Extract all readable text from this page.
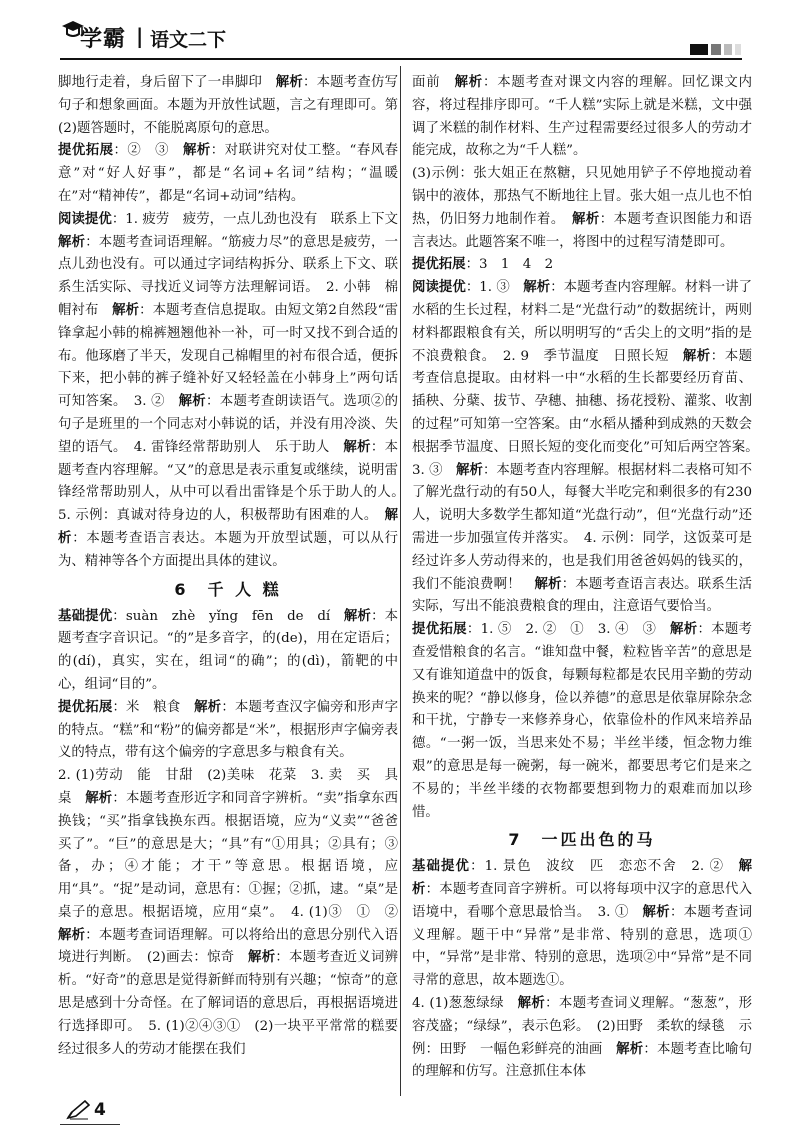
学霸 | 语文二下

脚地行走着，身后留下了一串脚印　解析：本题考查仿写句子和想象画面。本题为开放性试题，言之有理即可。第(2)题答题时，不能脱离原句的意思。

提优拓展：②　③　解析：对联讲究对仗工整。“春风春意”对“好人好事”，都是“名词+名词”结构；“温暖在”对“精神传”，都是“名词+动词”结构。

阅读提优：1. 疲劳　疲劳，一点儿劲也没有　联系上下文　解析：本题考查词语理解。“筋疲力尽”的意思是疲劳，一点儿劲也没有。可以通过字词结构拆分、联系上下文、联系生活实际、寻找近义词等方法理解词语。　2. 小韩　棉帽衬布　解析：本题考查信息提取。由短文第2自然段“雷锋拿起小韩的棉裤翘翘他补一补，可一时又找不到合适的布。他琢磨了半天，发现自己棉帽里的衬布很合适，便拆下来，把小韩的裤子缝补好又轻轻盖在小韩身上”两句话可知答案。　3. ②　解析：本题考查朗读语气。选项②的句子是班里的一个同志对小韩说的话，并没有用冷淡、失望的语气。　4. 雷锋经常帮助别人　乐于助人　解析：本题考查内容理解。“又”的意思是表示重复或继续，说明雷锋经常帮助别人，从中可以看出雷锋是个乐于助人的人。　5. 示例：真诚对待身边的人，积极帮助有困难的人。　解析：本题考查语言表达。本题为开放型试题，可以从行为、精神等各个方面提出具体的建议。

6　千 人 糕

基础提优：suàn　zhè　yǐng　fēn　de　dí　解析：本题考查字音识记。“的”是多音字，的(de)，用在定语后；的(dí)，真实，实在，组词“的确”；的(dì)，箭靶的中心，组词“目的”。

提优拓展：米　粮食　解析：本题考查汉字偏旁和形声字的特点。“糕”和“粉”的偏旁都是“米”，根据形声字偏旁表义的特点，带有这个偏旁的字意思多与粮食有关。

2. (1)劳动　能　甘甜　(2)美味　花菜　3. 卖　买　具　桌　解析：本题考查形近字和同音字辨析。“卖”指拿东西换钱；“买”指拿钱换东西。根据语境，应为“义卖”“爸爸买了”。“巨”的意思是大；“具”有“①用具；②具有；③备，办；④才能；才干”等意思。根据语境，应用“具”。“捉”是动词，意思有：①握；②抓，逮。“桌”是桌子的意思。根据语境，应用“桌”。　4. (1)③　①　②　解析：本题考查词语理解。可以将给出的意思分别代入语境进行判断。　(2)画去：惊奇　解析：本题考查近义词辨析。“好奇”的意思是觉得新鲜而特别有兴趣；“惊奇”的意思是感到十分奇怪。在了解词语的意思后，再根据语境进行选择即可。　5. (1)②④③①　(2)一块平平常常的糕要经过很多人的劳动才能摆在我们

面前　解析：本题考查对课文内容的理解。回忆课文内容，将过程排序即可。“千人糕”实际上就是米糕，文中强调了米糕的制作材料、生产过程需要经过很多人的劳动才能完成，故称之为“千人糕”。

(3)示例：张大姐正在熬糖，只见她用铲子不停地搅动着锅中的液体，那热气不断地往上冒。张大姐一点儿也不怕热，仍旧努力地制作着。　解析：本题考查识图能力和语言表达。此题答案不唯一，将图中的过程写清楚即可。

提优拓展：3　1　4　2

阅读提优：1. ③　解析：本题考查内容理解。材料一讲了水稻的生长过程，材料二是“光盘行动”的数据统计，两则材料都跟粮食有关，所以明明写的“舌尖上的文明”指的是不浪费粮食。　2. 9　季节温度　日照长短　解析：本题考查信息提取。由材料一中“水稻的生长都要经历育苗、插秧、分蘖、拔节、孕穗、抽穗、扬花授粉、灌浆、收割的过程”可知第一空答案。由“水稻从播种到成熟的天数会根据季节温度、日照长短的变化而变化”可知后两空答案。　3. ③　解析：本题考查内容理解。根据材料二表格可知不了解光盘行动的有50人，每餐大半吃完和剩很多的有230人，说明大多数学生都知道“光盘行动”，但“光盘行动”还需进一步加强宣传并落实。　4. 示例：同学，这饭菜可是经过许多人劳动得来的，也是我们用爸爸妈妈的钱买的，我们不能浪费啊！　解析：本题考查语言表达。联系生活实际，写出不能浪费粮食的理由，注意语气要恰当。

提优拓展：1. ⑤　2. ②　①　3. ④　③　解析：本题考查爱惜粮食的名言。“谁知盘中餐，粒粒皆辛苦”的意思是又有谁知道盘中的饭食，每颗每粒都是农民用辛勤的劳动换来的呢？“静以修身，俭以养德”的意思是依靠屏除杂念和干扰，宁静专一来修养身心，依靠俭朴的作风来培养品德。“一粥一饭，当思来处不易；半丝半缕，恒念物力维艰”的意思是每一碗粥，每一碗米，都要思考它们是来之不易的；半丝半缕的衣物都要想到物力的艰难而加以珍惜。

7　一匹出色的马

基础提优：1. 景色　波纹　匹　恋恋不舍　2. ②　解析：本题考查同音字辨析。可以将每项中汉字的意思代入语境中，看哪个意思最恰当。　3. ①　解析：本题考查词义理解。题干中“异常”是非常、特别的意思，选项①中，“异常”是非常、特别的意思，选项②中“异常”是不同寻常的意思，故本题选①。

4. (1)葱葱绿绿　解析：本题考查词义理解。“葱葱”，形容茂盛；“绿绿”，表示色彩。　(2)田野　柔软的绿毯　示例：田野　一幅色彩鲜亮的油画　解析：本题考查比喻句的理解和仿写。注意抓住本体

4
